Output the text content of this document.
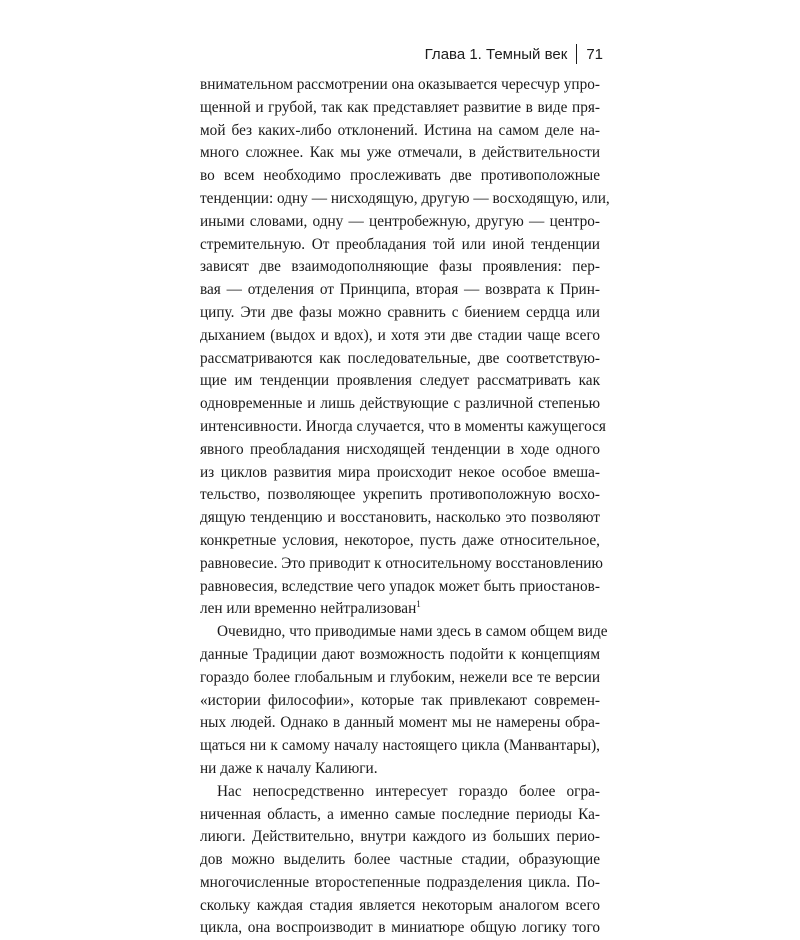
Глава 1. Темный век 71
внимательном рассмотрении она оказывается чересчур упро-
щенной и грубой, так как представляет развитие в виде пря-
мой без каких-либо отклонений. Истина на самом деле на-
много сложнее. Как мы уже отмечали, в действительности
во всем необходимо прослеживать две противоположные
тенденции: одну — нисходящую, другую — восходящую, или,
иными словами, одну — центробежную, другую — центро-
стремительную. От преобладания той или иной тенденции
зависят две взаимодополняющие фазы проявления: пер-
вая — отделения от Принципа, вторая — возврата к Прин-
ципу. Эти две фазы можно сравнить с биением сердца или
дыханием (выдох и вдох), и хотя эти две стадии чаще всего
рассматриваются как последовательные, две соответствую-
щие им тенденции проявления следует рассматривать как
одновременные и лишь действующие с различной степенью
интенсивности. Иногда случается, что в моменты кажущегося
явного преобладания нисходящей тенденции в ходе одного
из циклов развития мира происходит некое особое вмеша-
тельство, позволяющее укрепить противоположную восхо-
дящую тенденцию и восстановить, насколько это позволяют
конкретные условия, некоторое, пусть даже относительное,
равновесие. Это приводит к относительному восстановлению
равновесия, вследствие чего упадок может быть приостанов-
лен или временно нейтрализован$^1$
Очевидно, что приводимые нами здесь в самом общем виде
данные Традиции дают возможность подойти к концепциям
гораздо более глобальным и глубоким, нежели все те версии
«истории философии», которые так привлекают современ-
ных людей. Однако в данный момент мы не намерены обра-
щаться ни к самому началу настоящего цикла (Манвантары),
ни даже к началу Калиюги.
Нас непосредственно интересует гораздо более огра-
ниченная область, а именно самые последние периоды Ка-
лиюги. Действительно, внутри каждого из больших перио-
дов можно выделить более частные стадии, образующие
многочисленные второстепенные подразделения цикла. По-
скольку каждая стадия является некоторым аналогом всего
цикла, она воспроизводит в миниатюре общую логику того
